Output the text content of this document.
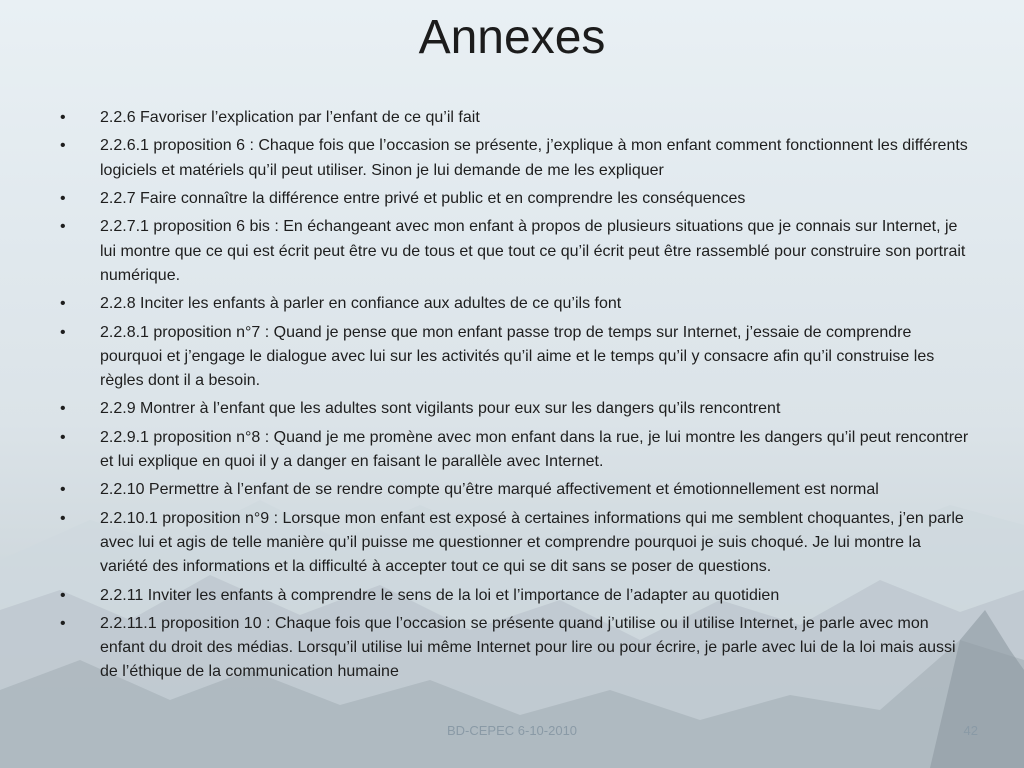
Annexes
•	2.2.6 Favoriser l’explication par l’enfant de ce qu’il fait
•	2.2.6.1 proposition 6 : Chaque fois que l’occasion se présente, j’explique à mon enfant comment fonctionnent les différents logiciels et matériels qu’il peut utiliser. Sinon je lui demande de me les expliquer
•	2.2.7 Faire connaître la différence entre privé et public et en comprendre les conséquences
•	2.2.7.1 proposition 6 bis : En échangeant avec mon enfant à propos de plusieurs situations que je connais sur Internet, je lui montre que ce qui est écrit peut être vu de tous et que tout ce qu’il écrit peut être rassemblé pour construire son portrait numérique.
•	2.2.8 Inciter les enfants à parler en confiance aux adultes de ce qu’ils font
•	2.2.8.1 proposition n°7 : Quand je pense que mon enfant passe trop de temps sur Internet, j’essaie de comprendre pourquoi et j’engage le dialogue avec lui sur les activités qu’il aime et le temps qu’il y consacre afin qu’il construise les règles dont il a besoin.
•	2.2.9 Montrer à l’enfant que les adultes sont vigilants pour eux sur les dangers qu’ils rencontrent
•	2.2.9.1 proposition n°8 : Quand je me promène avec mon enfant dans la rue, je lui montre les dangers qu’il peut rencontrer et lui explique en quoi il y a danger en faisant le parallèle avec Internet.
•	2.2.10 Permettre à l’enfant de se rendre compte qu’être marqué affectivement et émotionnellement est normal
•	2.2.10.1 proposition n°9 : Lorsque mon enfant est exposé à certaines informations qui me semblent choquantes, j’en parle avec lui et agis de telle manière qu’il puisse me questionner et comprendre pourquoi je suis choqué. Je lui montre la variété des informations et la difficulté à accepter tout ce qui se dit sans se poser de questions.
•	2.2.11 Inviter les enfants à comprendre le sens de la loi et l’importance de l’adapter au quotidien
•	2.2.11.1 proposition 10 : Chaque fois que l’occasion se présente quand j’utilise ou il utilise Internet, je parle avec mon enfant du droit des médias. Lorsqu’il utilise lui même Internet pour lire ou pour écrire, je parle avec lui de la loi mais aussi de l’éthique de la communication humaine
BD-CEPEC 6-10-2010	42
